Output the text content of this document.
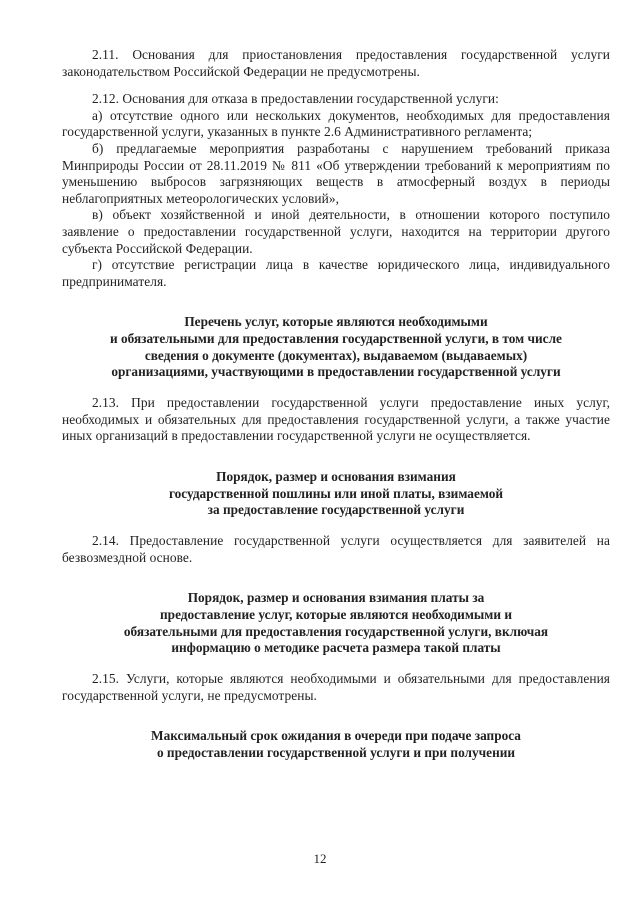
2.11. Основания для приостановления предоставления государственной услуги законодательством Российской Федерации не предусмотрены.

2.12. Основания для отказа в предоставлении государственной услуги:

а) отсутствие одного или нескольких документов, необходимых для предоставления государственной услуги, указанных в пункте 2.6 Административного регламента;

б) предлагаемые мероприятия разработаны с нарушением требований приказа Минприроды России от 28.11.2019 № 811 «Об утверждении требований к мероприятиям по уменьшению выбросов загрязняющих веществ в атмосферный воздух в периоды неблагоприятных метеорологических условий»,

в) объект хозяйственной и иной деятельности, в отношении которого поступило заявление о предоставлении государственной услуги, находится на территории другого субъекта Российской Федерации.

г) отсутствие регистрации лица в качестве юридического лица, индивидуального предпринимателя.

Перечень услуг, которые являются необходимыми

и обязательными для предоставления государственной услуги, в том числе

сведения о документе (документах), выдаваемом (выдаваемых)

организациями, участвующими в предоставлении государственной услуги

2.13. При предоставлении государственной услуги предоставление иных услуг, необходимых и обязательных для предоставления государственной услуги, а также участие иных организаций в предоставлении государственной услуги не осуществляется.

Порядок, размер и основания взимания

государственной пошлины или иной платы, взимаемой

за предоставление государственной услуги

2.14. Предоставление государственной услуги осуществляется для заявителей на безвозмездной основе.

Порядок, размер и основания взимания платы за

предоставление услуг, которые являются необходимыми и

обязательными для предоставления государственной услуги, включая

информацию о методике расчета размера такой платы

2.15. Услуги, которые являются необходимыми и обязательными для предоставления государственной услуги, не предусмотрены.

Максимальный срок ожидания в очереди при подаче запроса

о предоставлении государственной услуги и при получении

12
